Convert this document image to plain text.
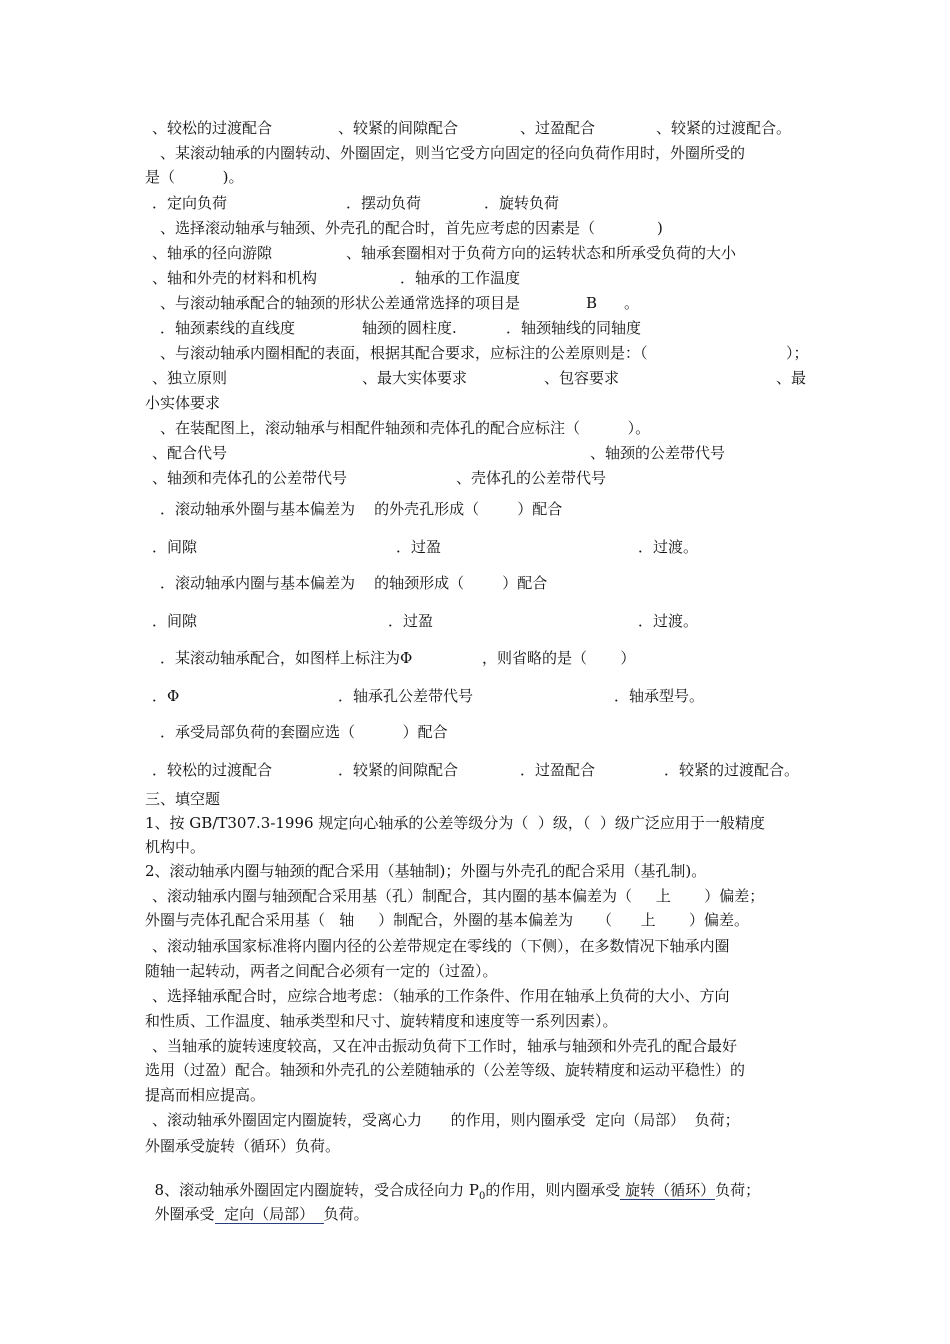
、较松的过渡配合	、较紧的间隙配合	、过盈配合	、较紧的过渡配合。
、某滚动轴承的内圈转动、外圈固定，则当它受方向固定的径向负荷作用时，外圈所受的
是（          )。
．定向负荷	．摆动负荷	．旋转负荷
、选择滚动轴承与轴颈、外壳孔的配合时，首先应考虑的因素是（             )
、轴承的径向游隙	、轴承套圈相对于负荷方向的运转状态和所承受负荷的大小
、轴和外壳的材料和机构	．轴承的工作温度
、与滚动轴承配合的轴颈的形状公差通常选择的项目是	B 。
．轴颈素线的直线度	轴颈的圆柱度.	．轴颈轴线的同轴度
、与滚动轴承内圈相配的表面，根据其配合要求，应标注的公差原则是：（	）；
、独立原则	、最大实体要求	、包容要求	、最
小实体要求
、在装配图上，滚动轴承与相配件轴颈和壳体孔的配合应标注（          ）。
、配合代号	、轴颈的公差带代号
、轴颈和壳体孔的公差带代号	、壳体孔的公差带代号
．滚动轴承外圈与基本偏差为    的外壳孔形成（        ）配合
．间隙	．过盈	．过渡。
．滚动轴承内圈与基本偏差为    的轴颈形成（        ）配合
．间隙	．过盈	．过渡。
．某滚动轴承配合，如图样上标注为Φ	，则省略的是（       ）
．Φ	．轴承孔公差带代号	．轴承型号。
．承受局部负荷的套圈应选（          ）配合
．较松的过渡配合	．较紧的间隙配合	．过盈配合	．较紧的过渡配合。
三、填空题
1、按 GB/T307.3-1996 规定向心轴承的公差等级分为（  ）级，（  ）级广泛应用于一般精度
机构中。
2、滚动轴承内圈与轴颈的配合采用（基轴制)；外圈与外壳孔的配合采用（基孔制)。
、滚动轴承内圈与轴颈配合采用基（孔）制配合，其内圈的基本偏差为（     上       ）偏差；
外圈与壳体孔配合采用基（   轴     ）制配合，外圈的基本偏差为     （      上       ）偏差。
、滚动轴承国家标准将内圈内径的公差带规定在零线的（下侧），在多数情况下轴承内圈
随轴一起转动，两者之间配合必须有一定的（过盈）。
、选择轴承配合时，应综合地考虑：（轴承的工作条件、作用在轴承上负荷的大小、方向
和性质、工作温度、轴承类型和尺寸、旋转精度和速度等一系列因素）。
、当轴承的旋转速度较高，又在冲击振动负荷下工作时，轴承与轴颈和外壳孔的配合最好
选用（过盈）配合。轴颈和外壳孔的公差随轴承的（公差等级、旋转精度和运动平稳性）的
提高而相应提高。
、滚动轴承外圈固定内圈旋转，受离心力      的作用，则内圈承受  定向（局部）  负荷；
外圈承受旋转（循环）负荷。

8、滚动轴承外圈固定内圈旋转，受合成径向力 $P_0$的作用，则内圈承受 旋转（循环）负荷；

外圈承受  定向（局部）  负荷。
